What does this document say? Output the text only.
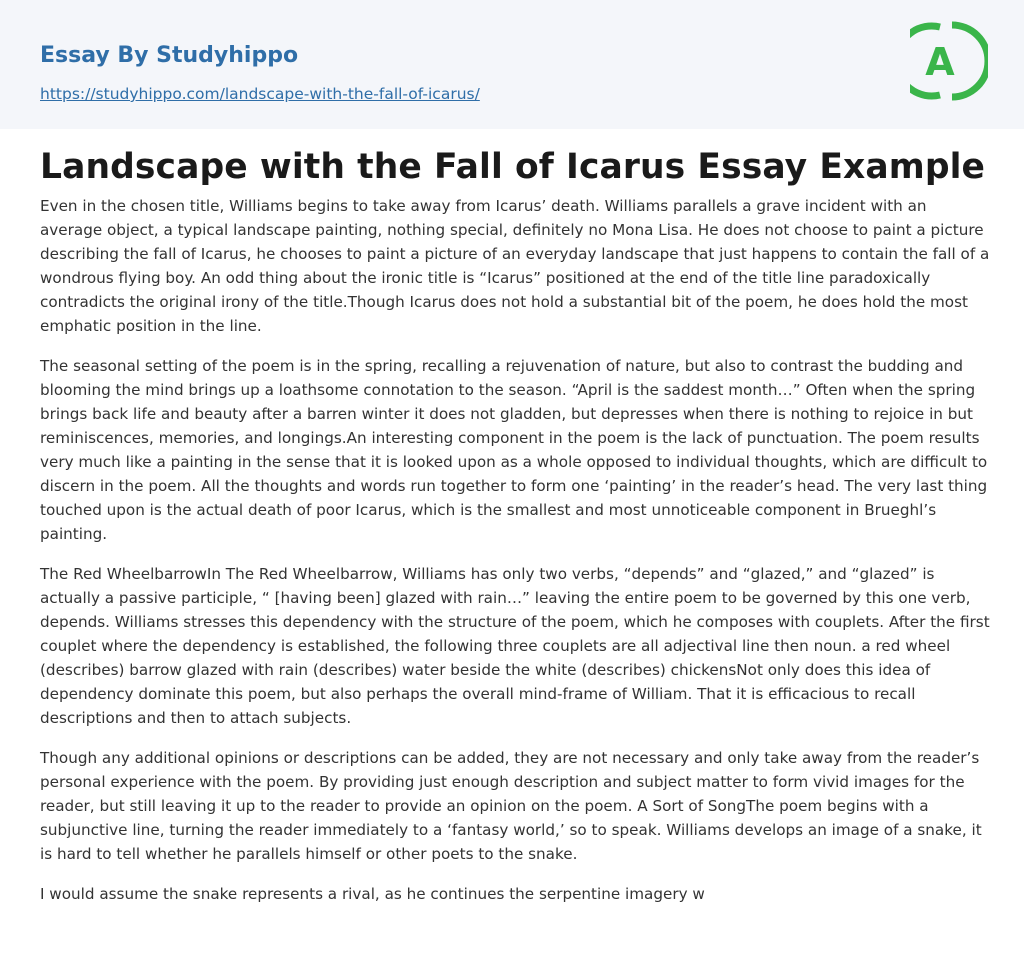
Essay By Studyhippo
https://studyhippo.com/landscape-with-the-fall-of-icarus/
A
Landscape with the Fall of Icarus Essay Example

Even in the chosen title, Williams begins to take away from Icarus’ death. Williams parallels a grave incident with an average object, a typical landscape painting, nothing special, definitely no Mona Lisa. He does not choose to paint a picture describing the fall of Icarus, he chooses to paint a picture of an everyday landscape that just happens to contain the fall of a wondrous flying boy. An odd thing about the ironic title is “Icarus” positioned at the end of the title line paradoxically contradicts the original irony of the title.Though Icarus does not hold a substantial bit of the poem, he does hold the most emphatic position in the line.

The seasonal setting of the poem is in the spring, recalling a rejuvenation of nature, but also to contrast the budding and blooming the mind brings up a loathsome connotation to the season. “April is the saddest month…” Often when the spring brings back life and beauty after a barren winter it does not gladden, but depresses when there is nothing to rejoice in but reminiscences, memories, and longings.An interesting component in the poem is the lack of punctuation. The poem results very much like a painting in the sense that it is looked upon as a whole opposed to individual thoughts, which are difficult to discern in the poem. All the thoughts and words run together to form one ‘painting’ in the reader’s head. The very last thing touched upon is the actual death of poor Icarus, which is the smallest and most unnoticeable component in Brueghl’s painting.

The Red WheelbarrowIn The Red Wheelbarrow, Williams has only two verbs, “depends” and “glazed,” and “glazed” is actually a passive participle, “ [having been] glazed with rain…” leaving the entire poem to be governed by this one verb, depends. Williams stresses this dependency with the structure of the poem, which he composes with couplets. After the first couplet where the dependency is established, the following three couplets are all adjectival line then noun. a red wheel (describes) barrow glazed with rain (describes) water beside the white (describes) chickensNot only does this idea of dependency dominate this poem, but also perhaps the overall mind-frame of William. That it is efficacious to recall descriptions and then to attach subjects.

Though any additional opinions or descriptions can be added, they are not necessary and only take away from the reader’s personal experience with the poem. By providing just enough description and subject matter to form vivid images for the reader, but still leaving it up to the reader to provide an opinion on the poem. A Sort of SongThe poem begins with a subjunctive line, turning the reader immediately to a ‘fantasy world,’ so to speak. Williams develops an image of a snake, it is hard to tell whether he parallels himself or other poets to the snake.

I would assume the snake represents a rival, as he continues the serpentine imagery w
